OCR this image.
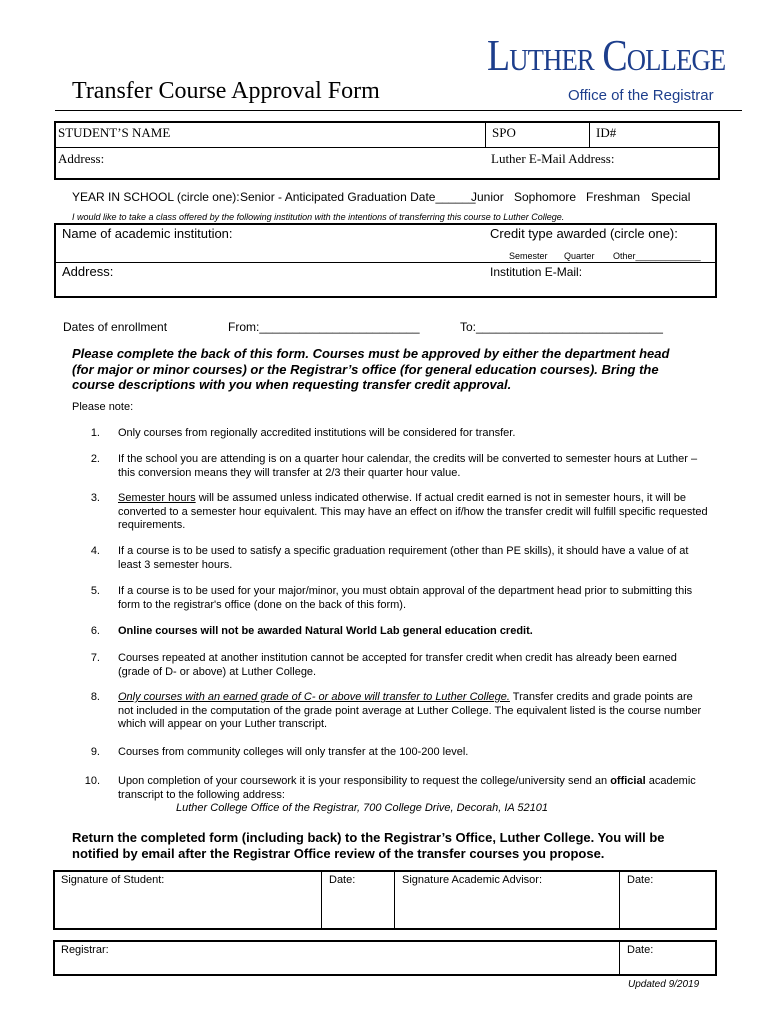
Transfer Course Approval Form
Luther College
Office of the Registrar
STUDENT’S NAME	SPO	ID#
Address:	Luther E-Mail Address:
YEAR IN SCHOOL (circle one): Senior - Anticipated Graduation Date______
Junior Sophomore Freshman Special
I would like to take a class offered by the following institution with the intentions of transferring this course to Luther College.
Name of academic institution:	Credit type awarded (circle one):
Semester Quarter Other_____________
Address:	Institution E-Mail:
Dates of enrollment	From:________________________	To:____________________________
Please complete the back of this form. Courses must be approved by either the department head (for major or minor courses) or the Registrar’s office (for general education courses). Bring the course descriptions with you when requesting transfer credit approval.
Please note:
1. Only courses from regionally accredited institutions will be considered for transfer.
2. If the school you are attending is on a quarter hour calendar, the credits will be converted to semester hours at Luther – this conversion means they will transfer at 2/3 their quarter hour value.
3. Semester hours will be assumed unless indicated otherwise. If actual credit earned is not in semester hours, it will be converted to a semester hour equivalent. This may have an effect on if/how the transfer credit will fulfill specific requested requirements.
4. If a course is to be used to satisfy a specific graduation requirement (other than PE skills), it should have a value of at least 3 semester hours.
5. If a course is to be used for your major/minor, you must obtain approval of the department head prior to submitting this form to the registrar's office (done on the back of this form).
6. Online courses will not be awarded Natural World Lab general education credit.
7. Courses repeated at another institution cannot be accepted for transfer credit when credit has already been earned (grade of D- or above) at Luther College.
8. Only courses with an earned grade of C- or above will transfer to Luther College. Transfer credits and grade points are not included in the computation of the grade point average at Luther College. The equivalent listed is the course number which will appear on your Luther transcript.
9. Courses from community colleges will only transfer at the 100-200 level.
10. Upon completion of your coursework it is your responsibility to request the college/university send an official academic transcript to the following address:
Luther College Office of the Registrar, 700 College Drive, Decorah, IA 52101
Return the completed form (including back) to the Registrar’s Office, Luther College. You will be notified by email after the Registrar Office review of the transfer courses you propose.
Signature of Student:	Date:	Signature Academic Advisor:	Date:
Registrar:	Date:
Updated 9/2019
